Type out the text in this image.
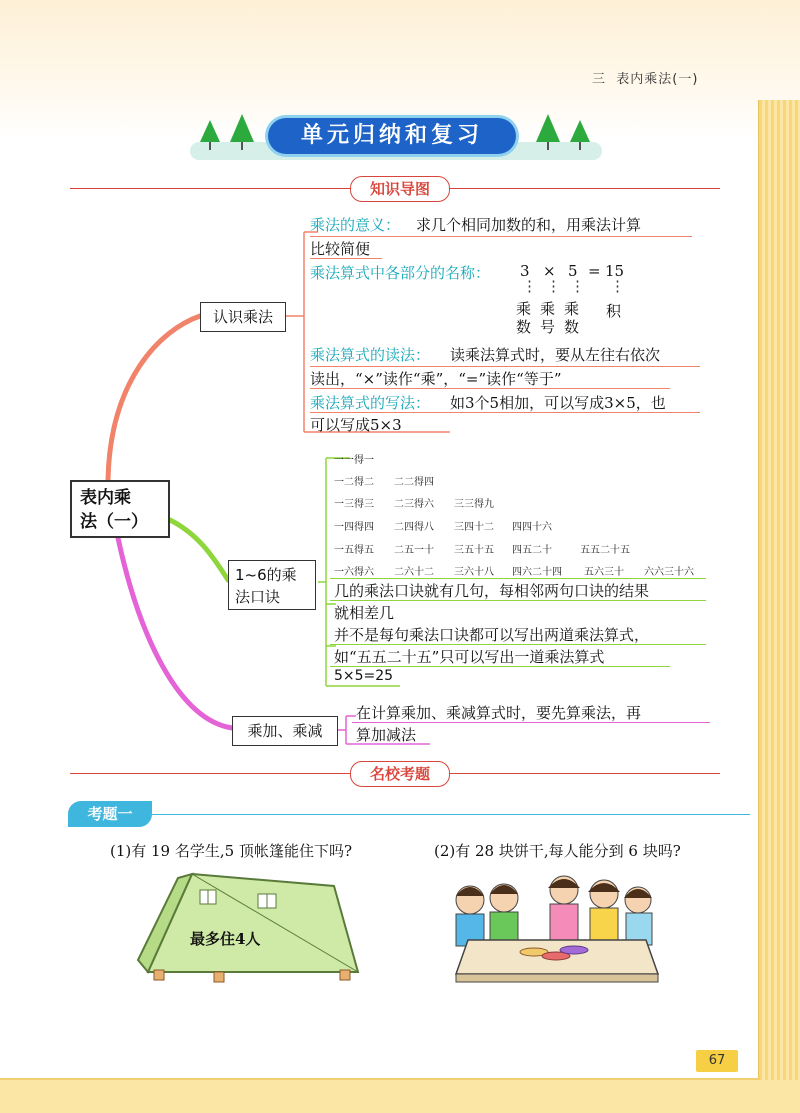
三 表内乘法(一)
单元归纳和复习
知识导图
表内乘
法（一）
认识乘法
乘法的意义： 求几个相同加数的和，用乘法计算
比较简便
乘法算式中各部分的名称： 3 × 5 = 15
⋮ ⋮ ⋮ ⋮
乘数
乘号
乘数
积
乘法算式的读法： 读乘法算式时，要从左往右依次
读出，“×”读作“乘”，“=”读作“等于”
乘法算式的写法： 如3个5相加，可以写成3×5，也
可以写成5×3
1~6的乘
法口诀
一一得一
一二得二 二二得四
一三得三 二三得六 三三得九
一四得四 二四得八 三四十二 四四十六
一五得五 二五一十 三五十五 四五二十	五五二十五
一六得六 二六十二 三六十八 四六二十四 五六三十 六六三十六
几的乘法口诀就有几句，每相邻两句口诀的结果
就相差几
并不是每句乘法口诀都可以写出两道乘法算式，
如“五五二十五”只可以写出一道乘法算式
5×5=25
乘加、乘减
在计算乘加、乘减算式时，要先算乘法，再
算加减法
名校考题
考题一
(1)有 19 名学生,5 顶帐篷能住下吗?	(2)有 28 块饼干,每人能分到 6 块吗?
最多住4人
67
